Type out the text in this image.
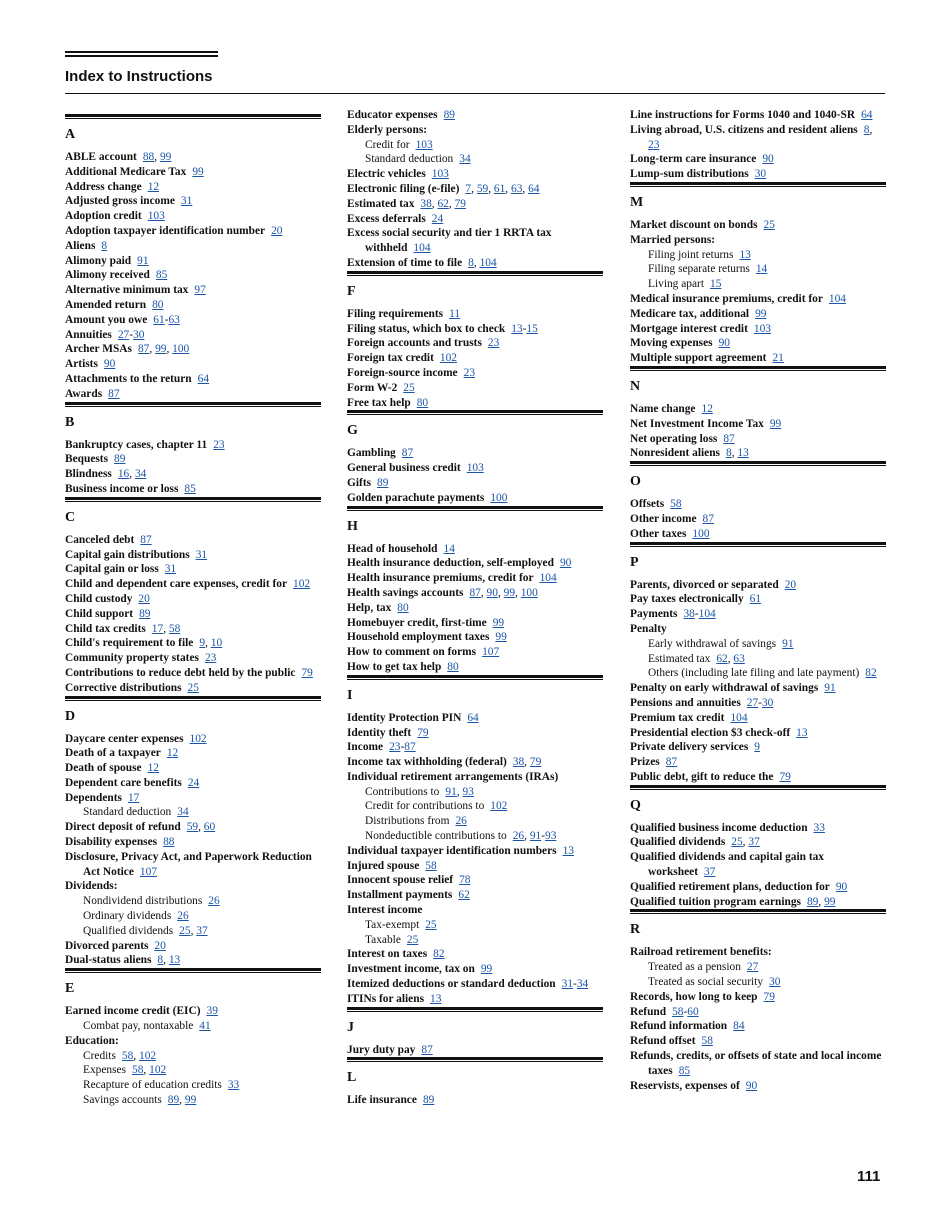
Index to Instructions
A
ABLE account 88, 99
Additional Medicare Tax 99
Address change 12
Adjusted gross income 31
Adoption credit 103
Adoption taxpayer identification number 20
Aliens 8
Alimony paid 91
Alimony received 85
Alternative minimum tax 97
Amended return 80
Amount you owe 61-63
Annuities 27-30
Archer MSAs 87, 99, 100
Artists 90
Attachments to the return 64
Awards 87
B
Bankruptcy cases, chapter 11 23
Bequests 89
Blindness 16, 34
Business income or loss 85
C
Canceled debt 87
Capital gain distributions 31
Capital gain or loss 31
Child and dependent care expenses, credit for 102
Child custody 20
Child support 89
Child tax credits 17, 58
Child's requirement to file 9, 10
Community property states 23
Contributions to reduce debt held by the public 79
Corrective distributions 25
D
Daycare center expenses 102
Death of a taxpayer 12
Death of spouse 12
Dependent care benefits 24
Dependents 17
Standard deduction 34
Direct deposit of refund 59, 60
Disability expenses 88
Disclosure, Privacy Act, and Paperwork Reduction Act Notice 107
Dividends:
Nondividend distributions 26
Ordinary dividends 26
Qualified dividends 25, 37
Divorced parents 20
Dual-status aliens 8, 13
E
Earned income credit (EIC) 39
Combat pay, nontaxable 41
Education:
Credits 58, 102
Expenses 58, 102
Recapture of education credits 33
Savings accounts 89, 99
Educator expenses 89
Elderly persons:
Credit for 103
Standard deduction 34
Electric vehicles 103
Electronic filing (e-file) 7, 59, 61, 63, 64
Estimated tax 38, 62, 79
Excess deferrals 24
Excess social security and tier 1 RRTA tax withheld 104
Extension of time to file 8, 104
F
Filing requirements 11
Filing status, which box to check 13-15
Foreign accounts and trusts 23
Foreign tax credit 102
Foreign-source income 23
Form W-2 25
Free tax help 80
G
Gambling 87
General business credit 103
Gifts 89
Golden parachute payments 100
H
Head of household 14
Health insurance deduction, self-employed 90
Health insurance premiums, credit for 104
Health savings accounts 87, 90, 99, 100
Help, tax 80
Homebuyer credit, first-time 99
Household employment taxes 99
How to comment on forms 107
How to get tax help 80
I
Identity Protection PIN 64
Identity theft 79
Income 23-87
Income tax withholding (federal) 38, 79
Individual retirement arrangements (IRAs)
Contributions to 91, 93
Credit for contributions to 102
Distributions from 26
Nondeductible contributions to 26, 91-93
Individual taxpayer identification numbers 13
Injured spouse 58
Innocent spouse relief 78
Installment payments 62
Interest income
Tax-exempt 25
Taxable 25
Interest on taxes 82
Investment income, tax on 99
Itemized deductions or standard deduction 31-34
ITINs for aliens 13
J
Jury duty pay 87
L
Life insurance 89
Line instructions for Forms 1040 and 1040-SR 64
Living abroad, U.S. citizens and resident aliens 8, 23
Long-term care insurance 90
Lump-sum distributions 30
M
Market discount on bonds 25
Married persons:
Filing joint returns 13
Filing separate returns 14
Living apart 15
Medical insurance premiums, credit for 104
Medicare tax, additional 99
Mortgage interest credit 103
Moving expenses 90
Multiple support agreement 21
N
Name change 12
Net Investment Income Tax 99
Net operating loss 87
Nonresident aliens 8, 13
O
Offsets 58
Other income 87
Other taxes 100
P
Parents, divorced or separated 20
Pay taxes electronically 61
Payments 38-104
Penalty
Early withdrawal of savings 91
Estimated tax 62, 63
Others (including late filing and late payment) 82
Penalty on early withdrawal of savings 91
Pensions and annuities 27-30
Premium tax credit 104
Presidential election $3 check-off 13
Private delivery services 9
Prizes 87
Public debt, gift to reduce the 79
Q
Qualified business income deduction 33
Qualified dividends 25, 37
Qualified dividends and capital gain tax worksheet 37
Qualified retirement plans, deduction for 90
Qualified tuition program earnings 89, 99
R
Railroad retirement benefits:
Treated as a pension 27
Treated as social security 30
Records, how long to keep 79
Refund 58-60
Refund information 84
Refund offset 58
Refunds, credits, or offsets of state and local income taxes 85
Reservists, expenses of 90
111
